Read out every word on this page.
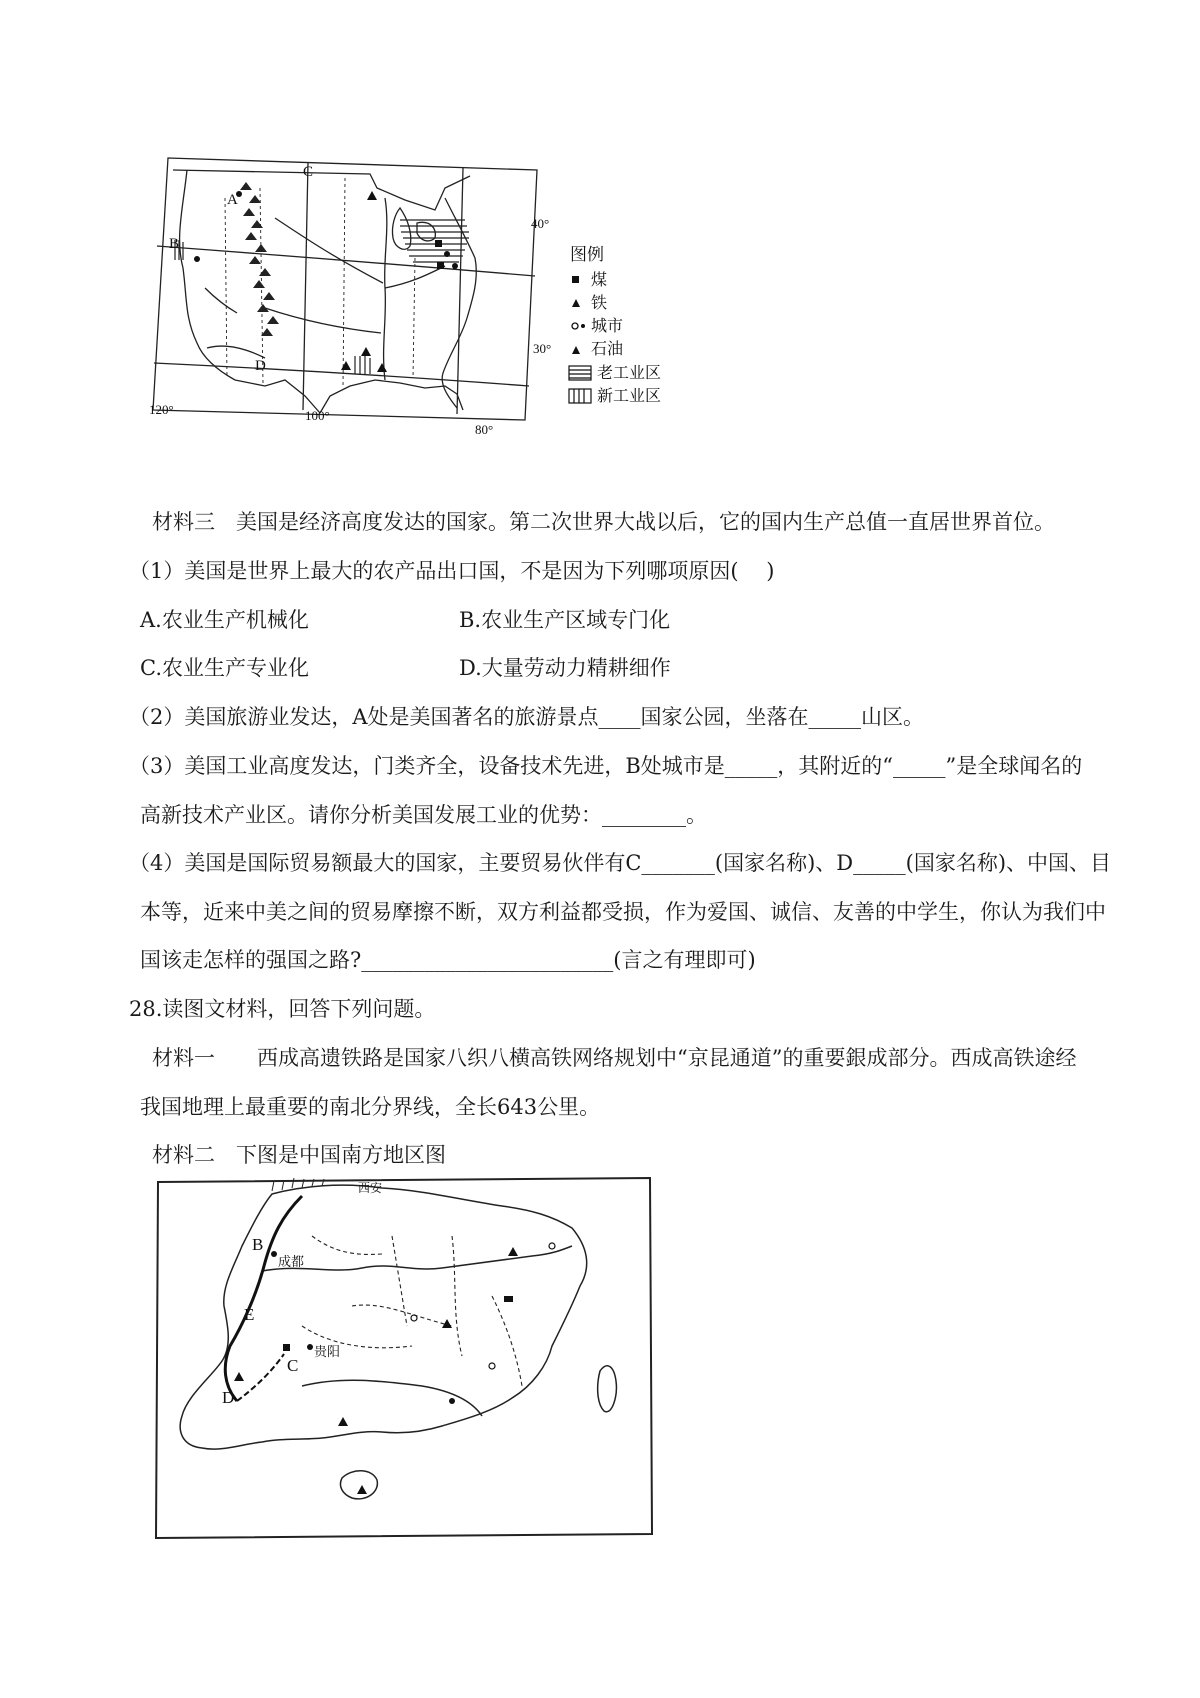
A
B
C
D
40°
30°
120°	100°
80°
图例
煤
铁
城市
石油
老工业区
新工业区
材料三　美国是经济高度发达的国家。第二次世界大战以后，它的国内生产总值一直居世界首位。
（1）美国是世界上最大的农产品出口国，不是因为下列哪项原因(　 )
A.农业生产机械化	B.农业生产区域专门化
C.农业生产专业化	D.大量劳动力精耕细作
（2）美国旅游业发达，A处是美国著名的旅游景点____国家公园，坐落在_____山区。
（3）美国工业高度发达，门类齐全，设备技术先进，B处城市是_____，其附近的“_____”是全球闻名的
高新技术产业区。请你分析美国发展工业的优势：________。
（4）美国是国际贸易额最大的国家，主要贸易伙伴有C_______(国家名称)、D_____(国家名称)、中国、目
本等，近来中美之间的贸易摩擦不断，双方利益都受损，作为爱国、诚信、友善的中学生，你认为我们中
国该走怎样的强国之路?________________________(言之有理即可)
28.读图文材料，回答下列问题。
材料一　　西成高遗铁路是国家八织八横高铁网络规划中“京昆通道”的重要銀成部分。西成高铁途经
我国地理上最重要的南北分界线，全长643公里。
材料二　下图是中国南方地区图
B
E
C
D
成都
贵阳
西安
